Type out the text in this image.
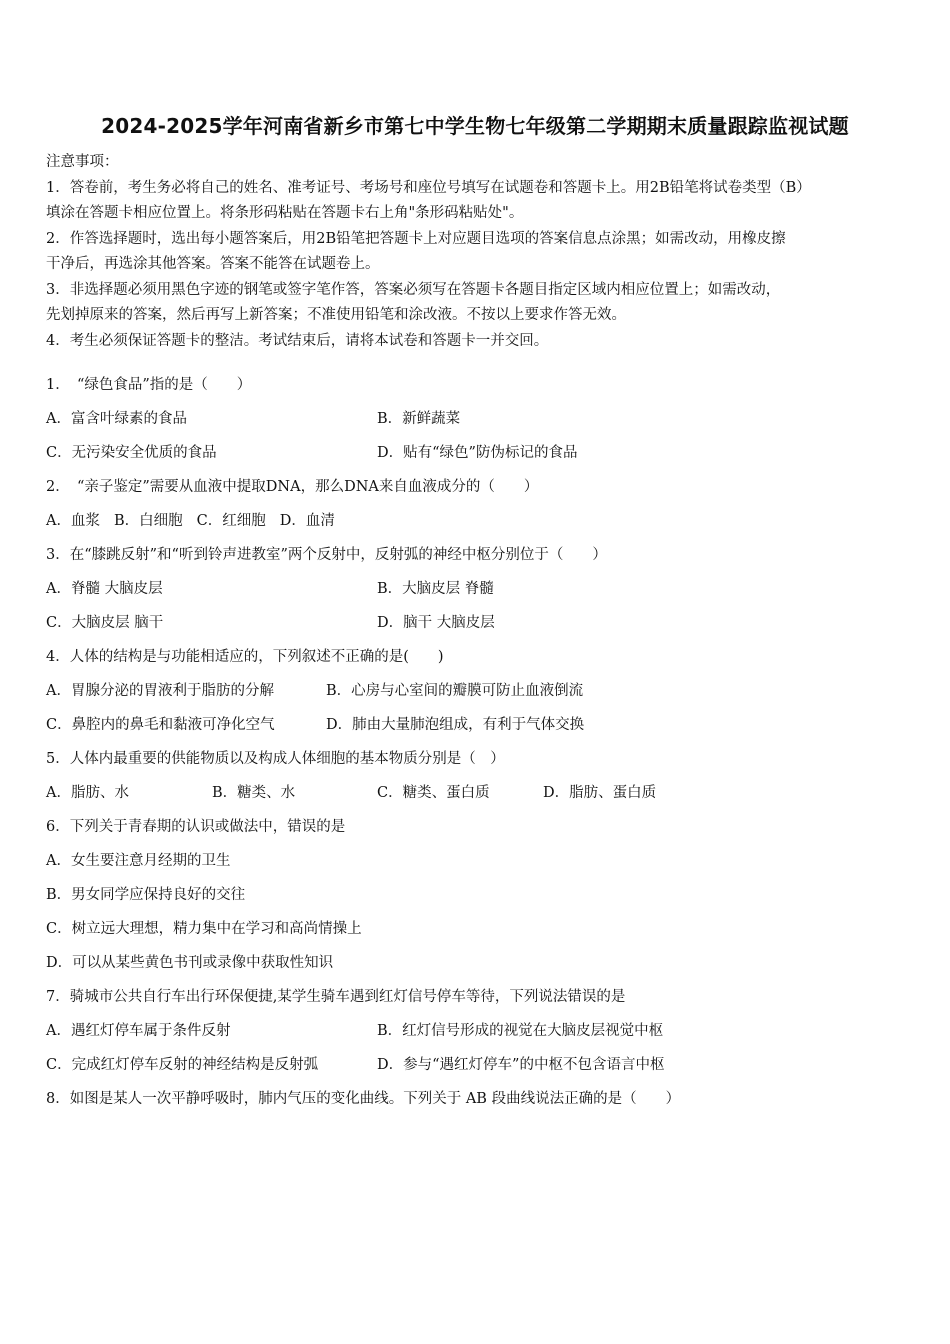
2024-2025学年河南省新乡市第七中学生物七年级第二学期期末质量跟踪监视试题
注意事项：
1．答卷前，考生务必将自己的姓名、准考证号、考场号和座位号填写在试题卷和答题卡上。用2B铅笔将试卷类型（B）
填涂在答题卡相应位置上。将条形码粘贴在答题卡右上角"条形码粘贴处"。
2．作答选择题时，选出每小题答案后，用2B铅笔把答题卡上对应题目选项的答案信息点涂黑；如需改动，用橡皮擦
干净后，再选涂其他答案。答案不能答在试题卷上。
3．非选择题必须用黑色字迹的钢笔或签字笔作答，答案必须写在答题卡各题目指定区域内相应位置上；如需改动，
先划掉原来的答案，然后再写上新答案；不准使用铅笔和涂改液。不按以上要求作答无效。
4．考生必须保证答题卡的整洁。考试结束后，请将本试卷和答题卡一并交回。
1．　“绿色食品”指的是（　　）
A．富含叶绿素的食品	B．新鲜蔬菜
C．无污染安全优质的食品	D．贴有“绿色”防伪标记的食品
2．　“亲子鉴定”需要从血液中提取DNA，那么DNA来自血液成分的（　　）
A．血浆 B．白细胞 C．红细胞 D．血清
3．在“膝跳反射”和“听到铃声进教室”两个反射中，反射弧的神经中枢分别位于（　　）
A．脊髓 大脑皮层	B．大脑皮层 脊髓
C．大脑皮层 脑干	D．脑干 大脑皮层
4．人体的结构是与功能相适应的，下列叙述不正确的是(　　)
A．胃腺分泌的胃液利于脂肪的分解	B．心房与心室间的瓣膜可防止血液倒流
C．鼻腔内的鼻毛和黏液可净化空气	D．肺由大量肺泡组成，有利于气体交换
5．人体内最重要的供能物质以及构成人体细胞的基本物质分别是（　）
A．脂肪、水	B．糖类、水	C．糖类、蛋白质	D．脂肪、蛋白质
6．下列关于青春期的认识或做法中，错误的是
A．女生要注意月经期的卫生
B．男女同学应保持良好的交往
C．树立远大理想，精力集中在学习和高尚情操上
D．可以从某些黄色书刊或录像中获取性知识
7．骑城市公共自行车出行环保便捷,某学生骑车遇到红灯信号停车等待，下列说法错误的是
A．遇红灯停车属于条件反射	B．红灯信号形成的视觉在大脑皮层视觉中枢
C．完成红灯停车反射的神经结构是反射弧	D．参与“遇红灯停车”的中枢不包含语言中枢
8．如图是某人一次平静呼吸时，肺内气压的变化曲线。下列关于 AB 段曲线说法正确的是（　　）
